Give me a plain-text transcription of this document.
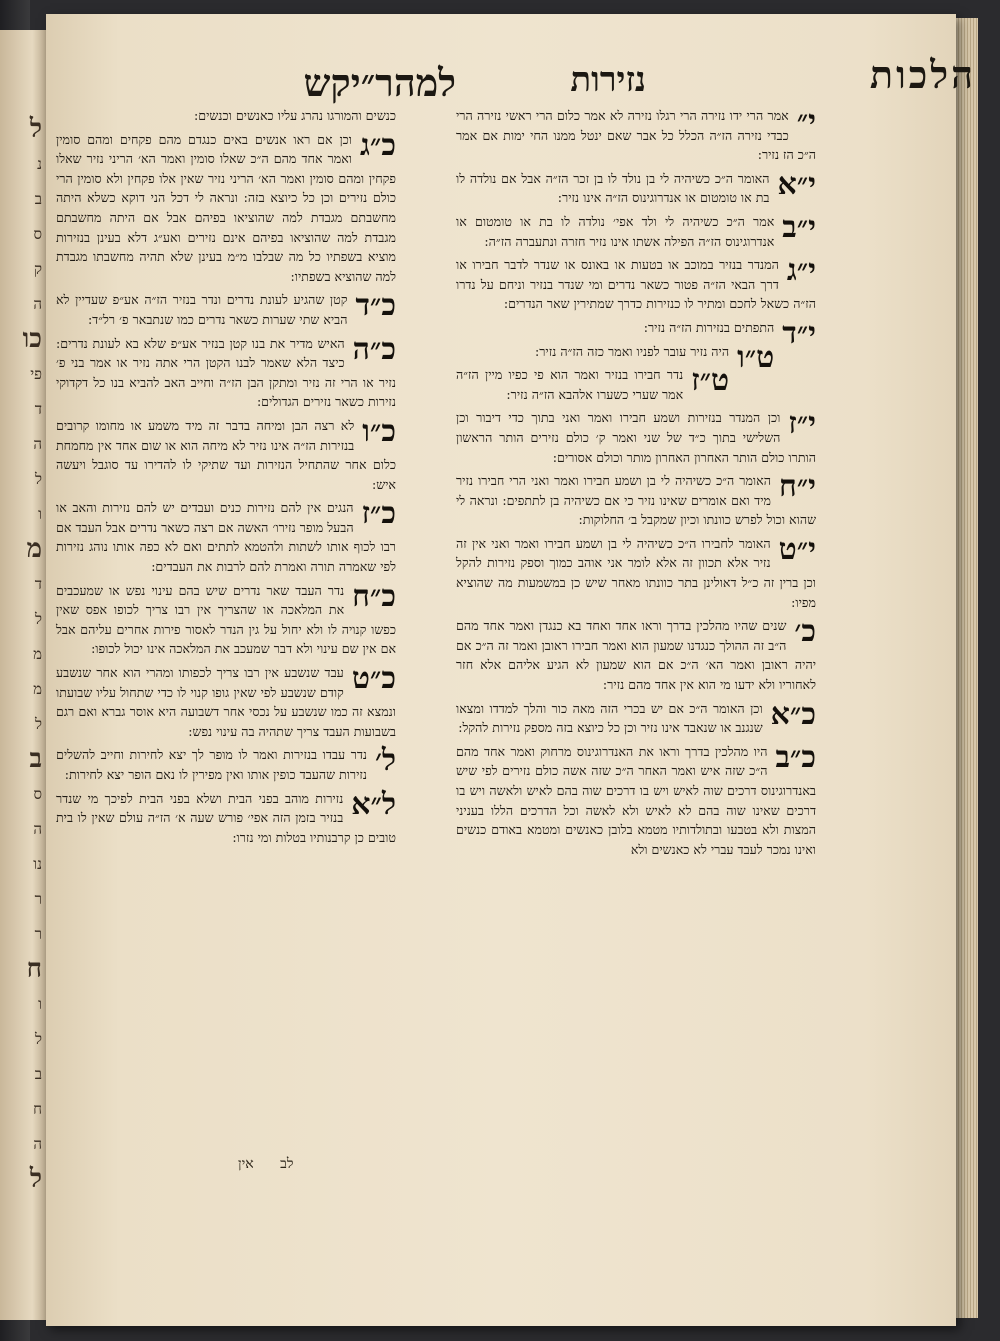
ל
נ
ב
ס
ק
ה
כו
פי
ד
ה
ל
ו
מ
ד
ל
מ
מ
ל
ב
ס
ה
נו
ר
ר
ח
ו
ל
ב
ח
ה
ל
הלכות
נזירות
למהר״יקש
י״
אמר הרי ידו נזירה הרי רגלו נזירה לא אמר כלום הרי ראשי נזירה הרי כבדי נזירה הז״ה הכלל כל אבר שאם ינטל ממנו החי ימות אם אמר ה״כ הז נזיר:
י״א
האומר ה״כ כשיהיה לי בן נולד לו בן זכר הז״ה אבל אם נולדה לו בת או טומטום או אנדרוגינוס הז״ה אינו נזיר:
י״ב
אמר ה״כ כשיהיה לי ולד אפי׳ נולדה לו בת או טומטום או אנדרוגינוס הז״ה הפילה אשתו אינו נזיר חזרה ונתעברה הז״ה:
י״ג
המנדר בנזיר במוכב או בטעות או באונס או שנדר לדבר חבירו או דרך הבאי הז״ה פטור כשאר נדרים ומי שנדר בנזיר וניחם על נדרו הז״ה כשאל לחכם ומתיר לו כנזירות כדרך שמתירין שאר הנדרים:
י״ד
התפתים בנזירות הז״ה נזיר:
ט״ו
היה נזיר עובר לפניו ואמר כזה הז״ה נזיר:
ט״ז
נדר חבירו בנזיר ואמר הוא פי כפיו מיין הז״ה אמר שערי כשערו אלהבא הז״ה נזיר:
י״ז
וכן המנדר בנזירות ושמע חבירו ואמר ואני בתוך כדי דיבור וכן השלישי בתוך כ״ד של שני ואמר ק׳ כולם נזירים הותר הראשון הותרו כולם הותר האחרון האחרון מותר וכולם אסורים:
י״ח
האומר ה״כ כשיהיה לי בן ושמע חבירו ואמר ואני הרי חבירו נזיר מיד ואם אומרים שאינו נזיר כי אם כשיהיה בן לתתפים: ונראה לי שהוא וכול לפרש כוונתו וכיון שמקבל ב׳ החלוקות:
י״ט
האומר לחבירו ה״כ כשיהיה לי בן ושמע חבירו ואמר ואני אין זה נזיר אלא תכוון זה אלא לומר אני אוהב כמוך וספק נזירות להקל וכן ברין זה כ״ל דאולינן בתר כוונתו מאחר שיש כן במשמעות מה שהוציא מפיו:
כ׳
שנים שהיו מהלכין בדרך וראו אחד ואחד בא כנגדן ואמר אחד מהם ה״ב זה ההולך כנגדנו שמעון הוא ואמר חבירו ראובן ואמר זה ה״כ אם יהיה ראובן ואמר הא׳ ה״כ אם הוא שמעון לא הגיע אליהם אלא חזר לאחוריו ולא ידעו מי הוא אין אחד מהם נזיר:
כ״א
וכן האומר ה״כ אם יש בכרי הזה מאה כור והלך למדדו ומצאו שנגנב או שנאבד אינו נזיר וכן כל כיוצא בזה מספק נזירות להקל:
כ״ב
היו מהלכין בדרך וראו את האנדרוגינוס מרחוק ואמר אחד מהם ה״כ שזה איש ואמר האחר ה״כ שזה אשה כולם נזירים לפי שיש באנדרוגינוס דרכים שוה לאיש ויש בו דרכים שוה בהם לאיש ולאשה ויש בו דרכים שאינו שוה בהם לא לאיש ולא לאשה וכל הדרכים הללו בעניני המצות ולא בטבעו ובתולדותיו מטמא בלובן כאנשים ומטמא באודם כנשים ואינו נמכר לעבד עברי לא כאנשים ולא
כנשים והמורגו נהרג עליו כאנשים וכנשים:
כ״ג
וכן אם ראו אנשים באים כנגדם מהם פקחים ומהם סומין ואמר אחד מהם ה״כ שאלו סומין ואמר הא׳ הריני נזיר שאלו פקחין ומהם סומין ואמר הא׳ הריני נזיר שאין אלו פקחין ולא סומין הרי כולם נזירים וכן כל כיוצא בזה: ונראה לי דכל הני דוקא כשלא היתה מחשבתם מגבדת למה שהוציאו בפיהם אבל אם היתה מחשבתם מגבדת למה שהוציאו בפיהם אינם נזירים ואע״ג דלא בעינן בנזירות מוציא בשפתיו כל מה שבלבו מ״מ בעינן שלא תהיה מחשבתו מגבדת למה שהוציא בשפתיו:
כ״ד
קטן שהגיע לעונת נדרים ונדר בנזיר הז״ה אע״פ שעדיין לא הביא שתי שערות כשאר נדרים כמו שנתבאר פ׳ רל״ד:
כ״ה
האיש מדיר את בנו קטן בנזיר אע״פ שלא בא לעונת נדרים: כיצד הלא שאמר לבנו הקטן הרי אתה נזיר או אמר בני פ׳ נזיר או הרי זה נזיר ומתקן הבן הז״ה וחייב האב להביא בנו כל דקדוקי נזירות כשאר נזירים הגדולים:
כ״ו
לא רצה הבן ומיחה בדבר זה מיד משמע או מחומו קרובים בנזירות הז״ה אינו נזיר לא מיחה הוא או שום אחד אין מחמחת כלום אחר שהתחיל הנזירות ועד שתיקי לו להדירו עד סוגבל ויעשה איש:
כ״ז
הנגים אין להם נזירות כנים ועבדים יש להם נזירות והאב או הבעל מופר נזירו׳ האשה אם רצה כשאר נדרים אבל העבד אם רבו לכוף אותו לשתות ולהטמא לתתים ואם לא כפה אותו נוהג נזירות לפי שאמרה תורה ואמרת להם לרבות את העבדים:
כ״ח
נדר העבד שאר נדרים שיש בהם עינוי נפש או שמעכבים את המלאכה או שהצריך אין רבו צריך לכופו אפס שאין כפשו קנויה לו ולא יחול על גין הנדר לאסור פירות אחרים עליהם אבל אם אין שם עינוי ולא דבר שמעכב את המלאכה אינו יכול לכופו:
כ״ט
עבד שנשבע אין רבו צריך לכפותו ומהרי הוא אחר שנשבע קודם שנשבע לפי שאין גופו קנוי לו כדי שתחול עליו שבועתו ונמצא זה כמו שנשבע על נכסי אחר דשבועה היא אוסר גברא ואם רגם בשבועות העבד צריך שתהיה בה עינוי נפש:
ל׳
נדר עבדו בנזירות ואמר לו מופר לך יצא לחירות וחייב להשלים נזירות שהעבד כופין אותו ואין מפירין לו נאם הופר יצא לחירות:
ל״א
נזירות מוהב בפני הבית ושלא בפני הבית לפיכך מי שנדר בנזיר בזמן הזה אפי׳ פורש שעה א׳ הז״ה עולם שאין לו בית טובים כן קרבנותיו בטלות ומי נזרו:
לב אין
